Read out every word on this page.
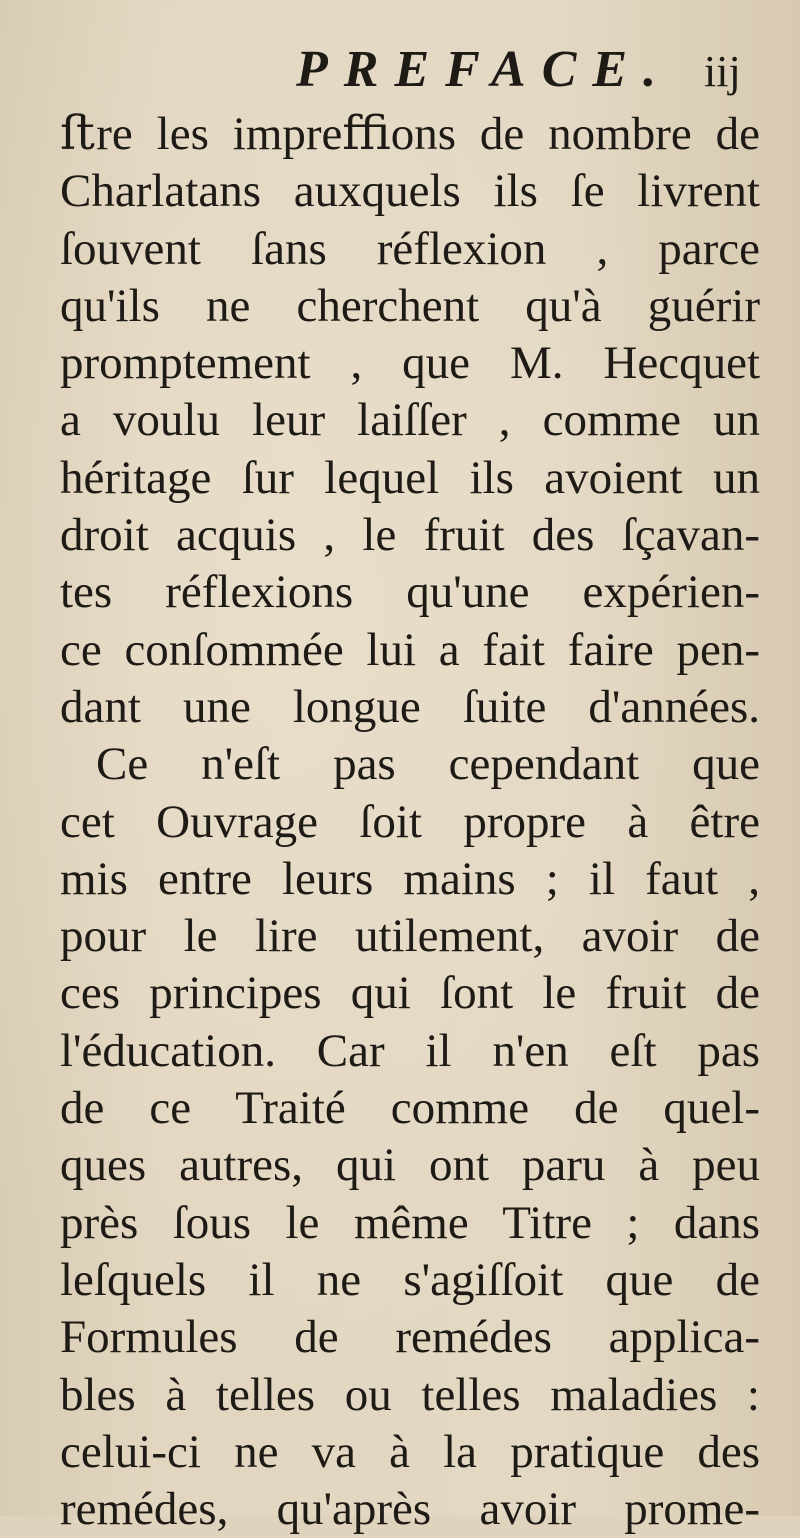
PREFACE. iij
ﬅre les impreﬃons de nombre de
Charlatans auxquels ils ſe livrent
ſouvent ſans réflexion , parce
qu'ils ne cherchent qu'à guérir
promptement , que M. Hecquet
a voulu leur laiſſer , comme un
héritage ſur lequel ils avoient un
droit acquis , le fruit des ſçavan-
tes réflexions qu'une expérien-
ce conſommée lui a fait faire pen-
dant une longue ſuite d'années.
Ce n'eſt pas cependant que
cet Ouvrage ſoit propre à être
mis entre leurs mains ; il faut ,
pour le lire utilement, avoir de
ces principes qui ſont le fruit de
l'éducation. Car il n'en eſt pas
de ce Traité comme de quel-
ques autres, qui ont paru à peu
près ſous le même Titre ; dans
leſquels il ne s'agiſſoit que de
Formules de remédes applica-
bles à telles ou telles maladies :
celui-ci ne va à la pratique des
remédes, qu'après avoir prome-
